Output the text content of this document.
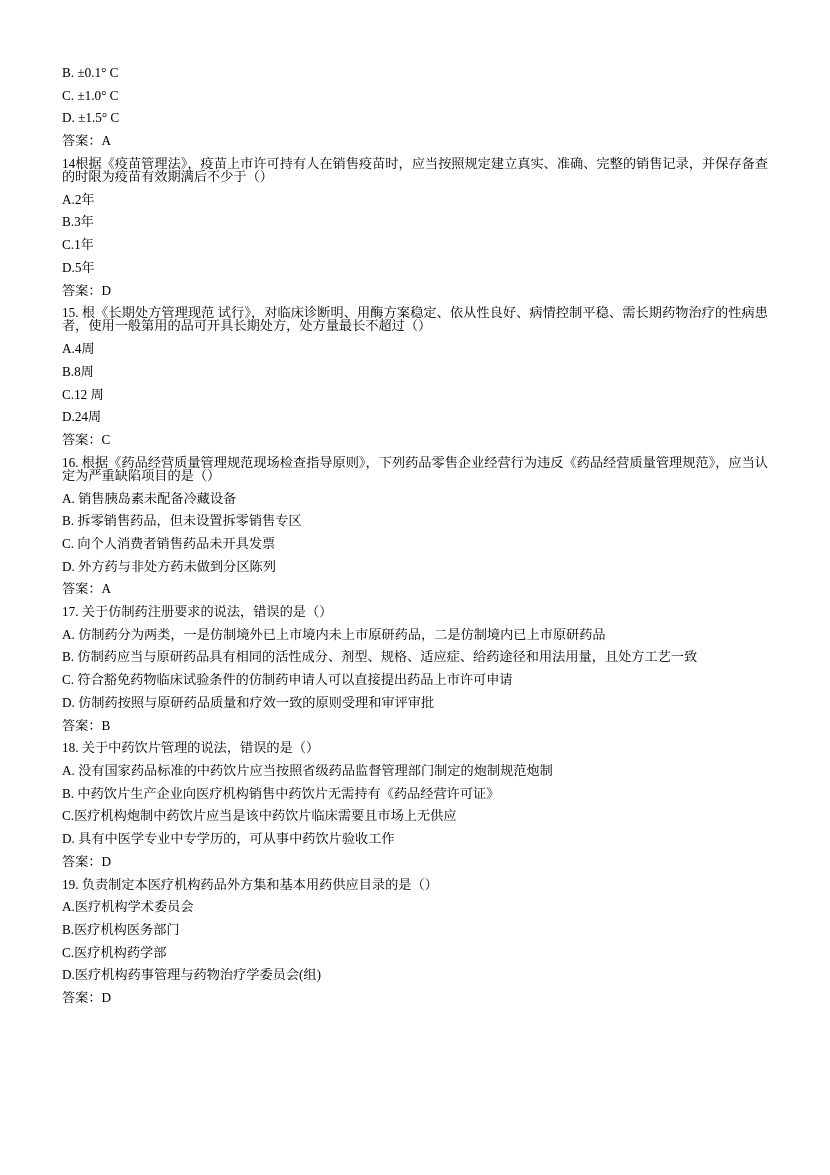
B. ±0.1° C
C. ±1.0° C
D. ±1.5° C
答案：A
14根据《疫苗管理法》，疫苗上市许可持有人在销售疫苗时，应当按照规定建立真实、准确、完整的销售记录，并保存备查的时限为疫苗有效期满后不少于（）
A.2年
B.3年
C.1年
D.5年
答案：D
15. 根《长期处方管理现范 试行》，对临床诊断明、用酶方案稳定、依从性良好、病情控制平稳、需长期药物治疗的性病患者，使用一般第用的品可开具长期处方，处方量最长不超过（）
A.4周
B.8周
C.12 周
D.24周
答案：C
16. 根据《药品经营质量管理规范现场检查指导原则》，下列药品零售企业经营行为违反《药品经营质量管理规范》，应当认定为严重缺陷项目的是（）
A. 销售胰岛素未配备冷藏设备
B. 拆零销售药品，但未设置拆零销售专区
C. 向个人消费者销售药品未开具发票
D. 外方药与非处方药未做到分区陈列
答案：A
17. 关于仿制药注册要求的说法，错误的是（）
A. 仿制药分为两类，一是仿制境外已上市境内未上市原研药品，二是仿制境内已上市原研药品
B. 仿制药应当与原研药品具有相同的活性成分、剂型、规格、适应症、给药途径和用法用量，且处方工艺一致
C. 符合豁免药物临床试验条件的仿制药申请人可以直接提出药品上市许可申请
D. 仿制药按照与原研药品质量和疗效一致的原则受理和审评审批
答案：B
18. 关于中药饮片管理的说法，错误的是（）
A. 没有国家药品标准的中药饮片应当按照省级药品监督管理部门制定的炮制规范炮制
B. 中药饮片生产企业向医疗机构销售中药饮片无需持有《药品经营许可证》
C.医疗机构炮制中药饮片应当是该中药饮片临床需要且市场上无供应
D. 具有中医学专业中专学历的，可从事中药饮片验收工作
答案：D
19. 负责制定本医疗机构药品外方集和基本用药供应目录的是（）
A.医疗机构学术委员会
B.医疗机构医务部门
C.医疗机构药学部
D.医疗机构药事管理与药物治疗学委员会(组)
答案：D
